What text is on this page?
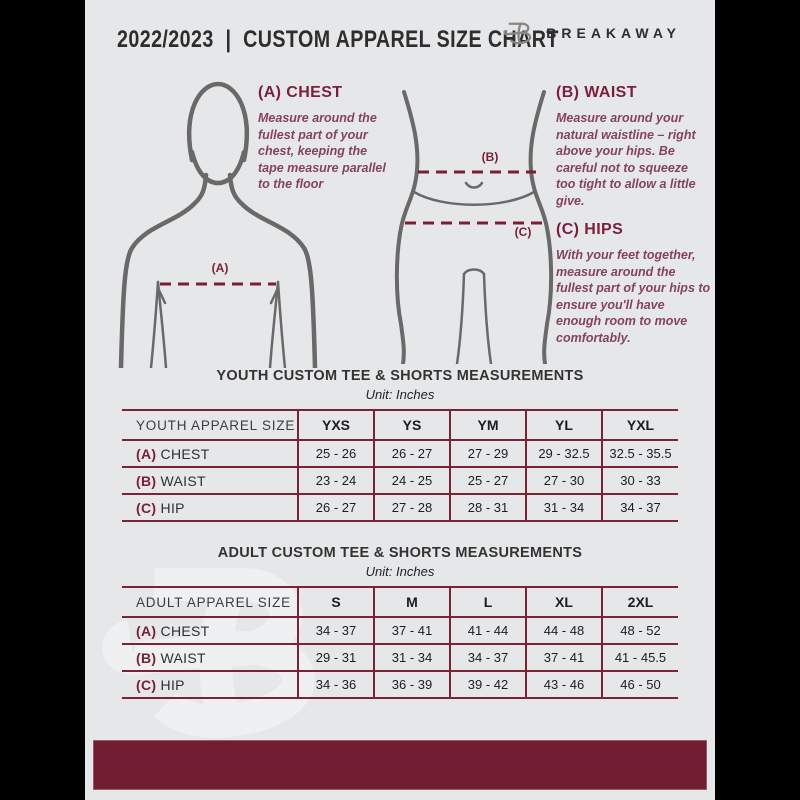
2022/2023  |  CUSTOM APPAREL SIZE CHART
BREAKAWAY
(A)
(B)
(C)
(A) CHEST

Measure around the fullest part of your chest, keeping the tape measure parallel to the floor

(B) WAIST

Measure around your natural waistline – right above your hips. Be careful not to squeeze too tight to allow a little give.

(C) HIPS

With your feet together, measure around the fullest part of your hips to ensure you'll have enough room to move comfortably.

YOUTH CUSTOM TEE & SHORTS MEASUREMENTS
Unit: Inches
YOUTH APPAREL SIZE	YXS	YS	YM	YL	YXL
(A) CHEST	25 - 26	26 - 27	27 - 29	29 - 32.5	32.5 - 35.5
(B) WAIST	23 - 24	24 - 25	25 - 27	27 - 30	30 - 33
(C) HIP	26 - 27	27 - 28	28 - 31	31 - 34	34 - 37
ADULT CUSTOM TEE & SHORTS MEASUREMENTS
Unit: Inches
ADULT APPAREL SIZE	S	M	L	XL	2XL
(A) CHEST	34 - 37	37 - 41	41 - 44	44 - 48	48 - 52
(B) WAIST	29 - 31	31 - 34	34 - 37	37 - 41	41 - 45.5
(C) HIP	34 - 36	36 - 39	39 - 42	43 - 46	46 - 50
